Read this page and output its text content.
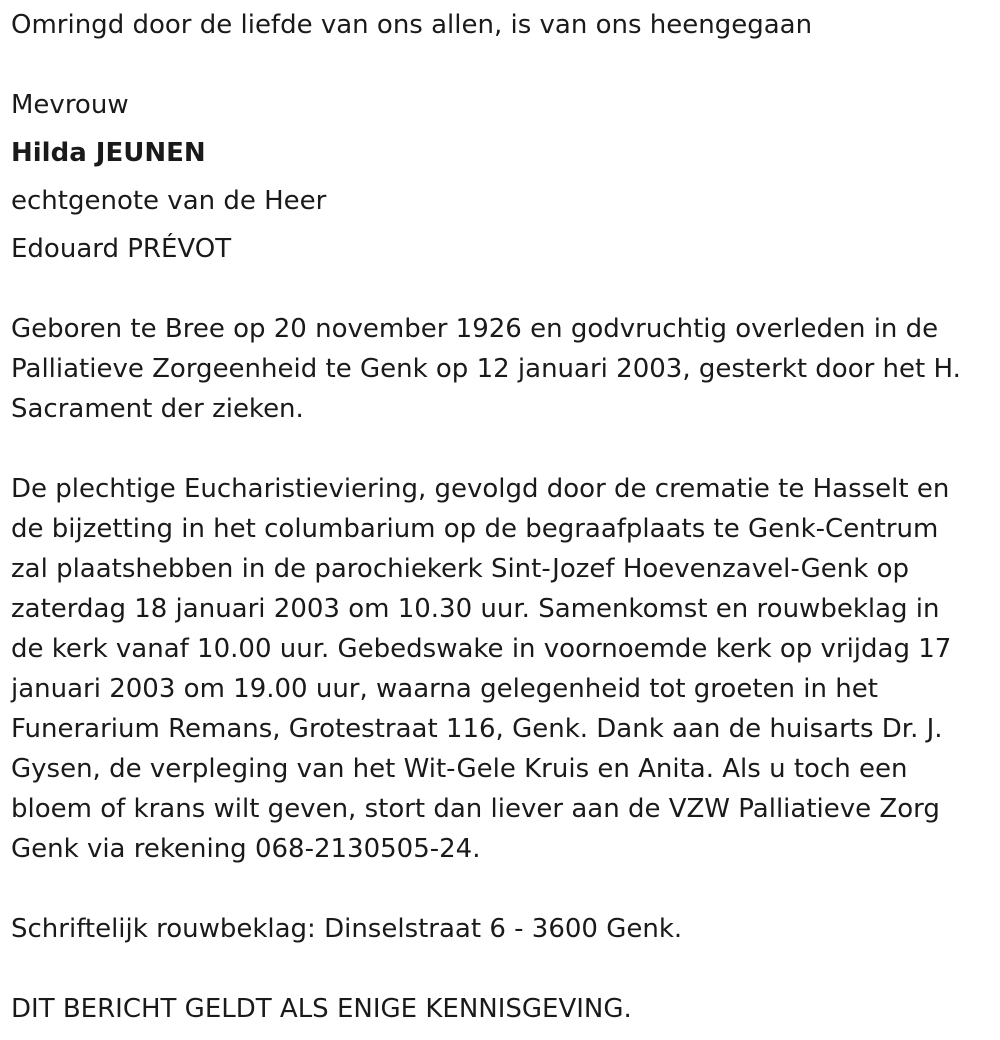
Omringd door de liefde van ons allen, is van ons heengegaan
Mevrouw
Hilda JEUNEN
echtgenote van de Heer
Edouard PRÉVOT
Geboren te Bree op 20 november 1926 en godvruchtig overleden in de
Palliatieve Zorgeenheid te Genk op 12 januari 2003, gesterkt door het H.
Sacrament der zieken.
De plechtige Eucharistieviering, gevolgd door de crematie te Hasselt en
de bijzetting in het columbarium op de begraafplaats te Genk-Centrum
zal plaatshebben in de parochiekerk Sint-Jozef Hoevenzavel-Genk op
zaterdag 18 januari 2003 om 10.30 uur. Samenkomst en rouwbeklag in
de kerk vanaf 10.00 uur. Gebedswake in voornoemde kerk op vrijdag 17
januari 2003 om 19.00 uur, waarna gelegenheid tot groeten in het
Funerarium Remans, Grotestraat 116, Genk. Dank aan de huisarts Dr. J.
Gysen, de verpleging van het Wit-Gele Kruis en Anita. Als u toch een
bloem of krans wilt geven, stort dan liever aan de VZW Palliatieve Zorg
Genk via rekening 068-2130505-24.
Schriftelijk rouwbeklag: Dinselstraat 6 - 3600 Genk.
DIT BERICHT GELDT ALS ENIGE KENNISGEVING.
